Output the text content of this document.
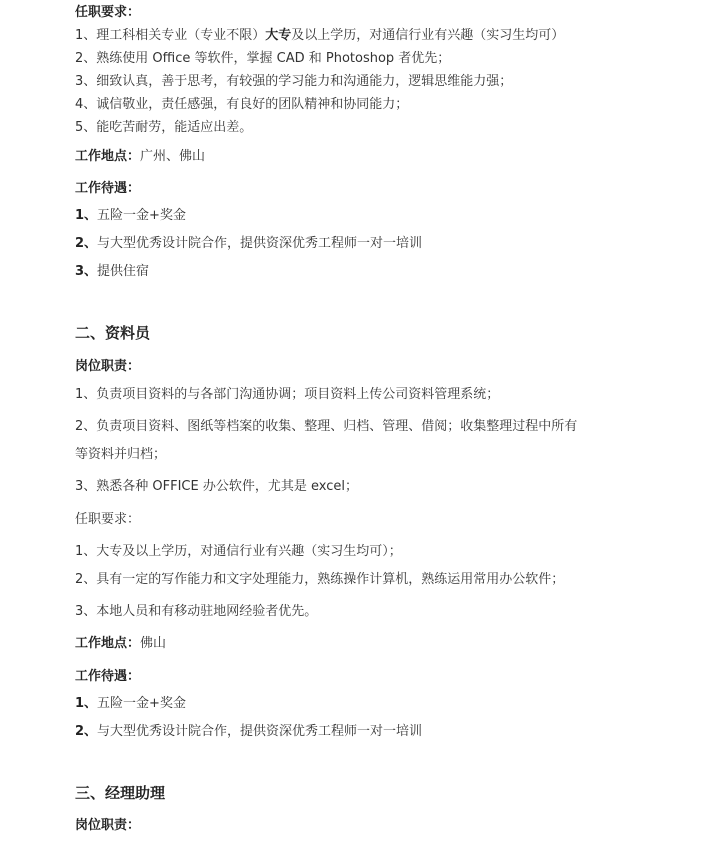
任职要求：
1、理工科相关专业（专业不限）大专及以上学历，对通信行业有兴趣（实习生均可）
2、熟练使用 Office 等软件，掌握 CAD 和 Photoshop 者优先；
3、细致认真，善于思考，有较强的学习能力和沟通能力，逻辑思维能力强；
4、诚信敬业，责任感强，有良好的团队精神和协同能力；
5、能吃苦耐劳，能适应出差。
工作地点：广州、佛山
工作待遇：
1、五险一金+奖金
2、与大型优秀设计院合作，提供资深优秀工程师一对一培训
3、提供住宿
二、资料员
岗位职责：
1、负责项目资料的与各部门沟通协调；项目资料上传公司资料管理系统；
2、负责项目资料、图纸等档案的收集、整理、归档、管理、借阅；收集整理过程中所有
等资料并归档；
3、熟悉各种 OFFICE 办公软件，尤其是 excel；
任职要求：
1、大专及以上学历，对通信行业有兴趣（实习生均可）；
2、具有一定的写作能力和文字处理能力，熟练操作计算机，熟练运用常用办公软件；
3、本地人员和有移动驻地网经验者优先。
工作地点：佛山
工作待遇：
1、五险一金+奖金
2、与大型优秀设计院合作，提供资深优秀工程师一对一培训
三、经理助理
岗位职责：
